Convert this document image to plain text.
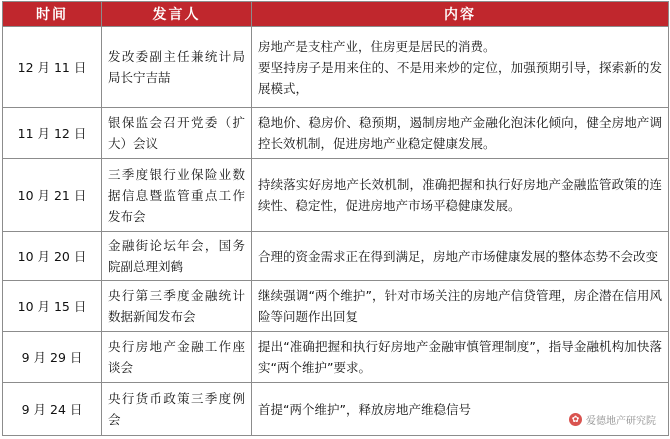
时间	发言人	内容
12 月 11 日	发改委副主任兼统计局局长宁吉喆	房地产是支柱产业，住房更是居民的消费。
要坚持房子是用来住的、不是用来炒的定位，加强预期引导，探索新的发展模式，
11 月 12 日	银保监会召开党委（扩大）会议	稳地价、稳房价、稳预期，遏制房地产金融化泡沫化倾向，健全房地产调控长效机制，促进房地产业稳定健康发展。
10 月 21 日	三季度银行业保险业数据信息暨监管重点工作发布会	持续落实好房地产长效机制，准确把握和执行好房地产金融监管政策的连续性、稳定性，促进房地产市场平稳健康发展。
10 月 20 日	金融街论坛年会，国务院副总理刘鹤	合理的资金需求正在得到满足，房地产市场健康发展的整体态势不会改变
10 月 15 日	央行第三季度金融统计数据新闻发布会	继续强调“两个维护”，针对市场关注的房地产信贷管理，房企潜在信用风险等问题作出回复
9 月 29 日	央行房地产金融工作座谈会	提出“准确把握和执行好房地产金融审慎管理制度”，指导金融机构加快落实“两个维护”要求。
9 月 24 日	央行货币政策三季度例会	首提“两个维护”，释放房地产维稳信号
✿ 爱德地产研究院
